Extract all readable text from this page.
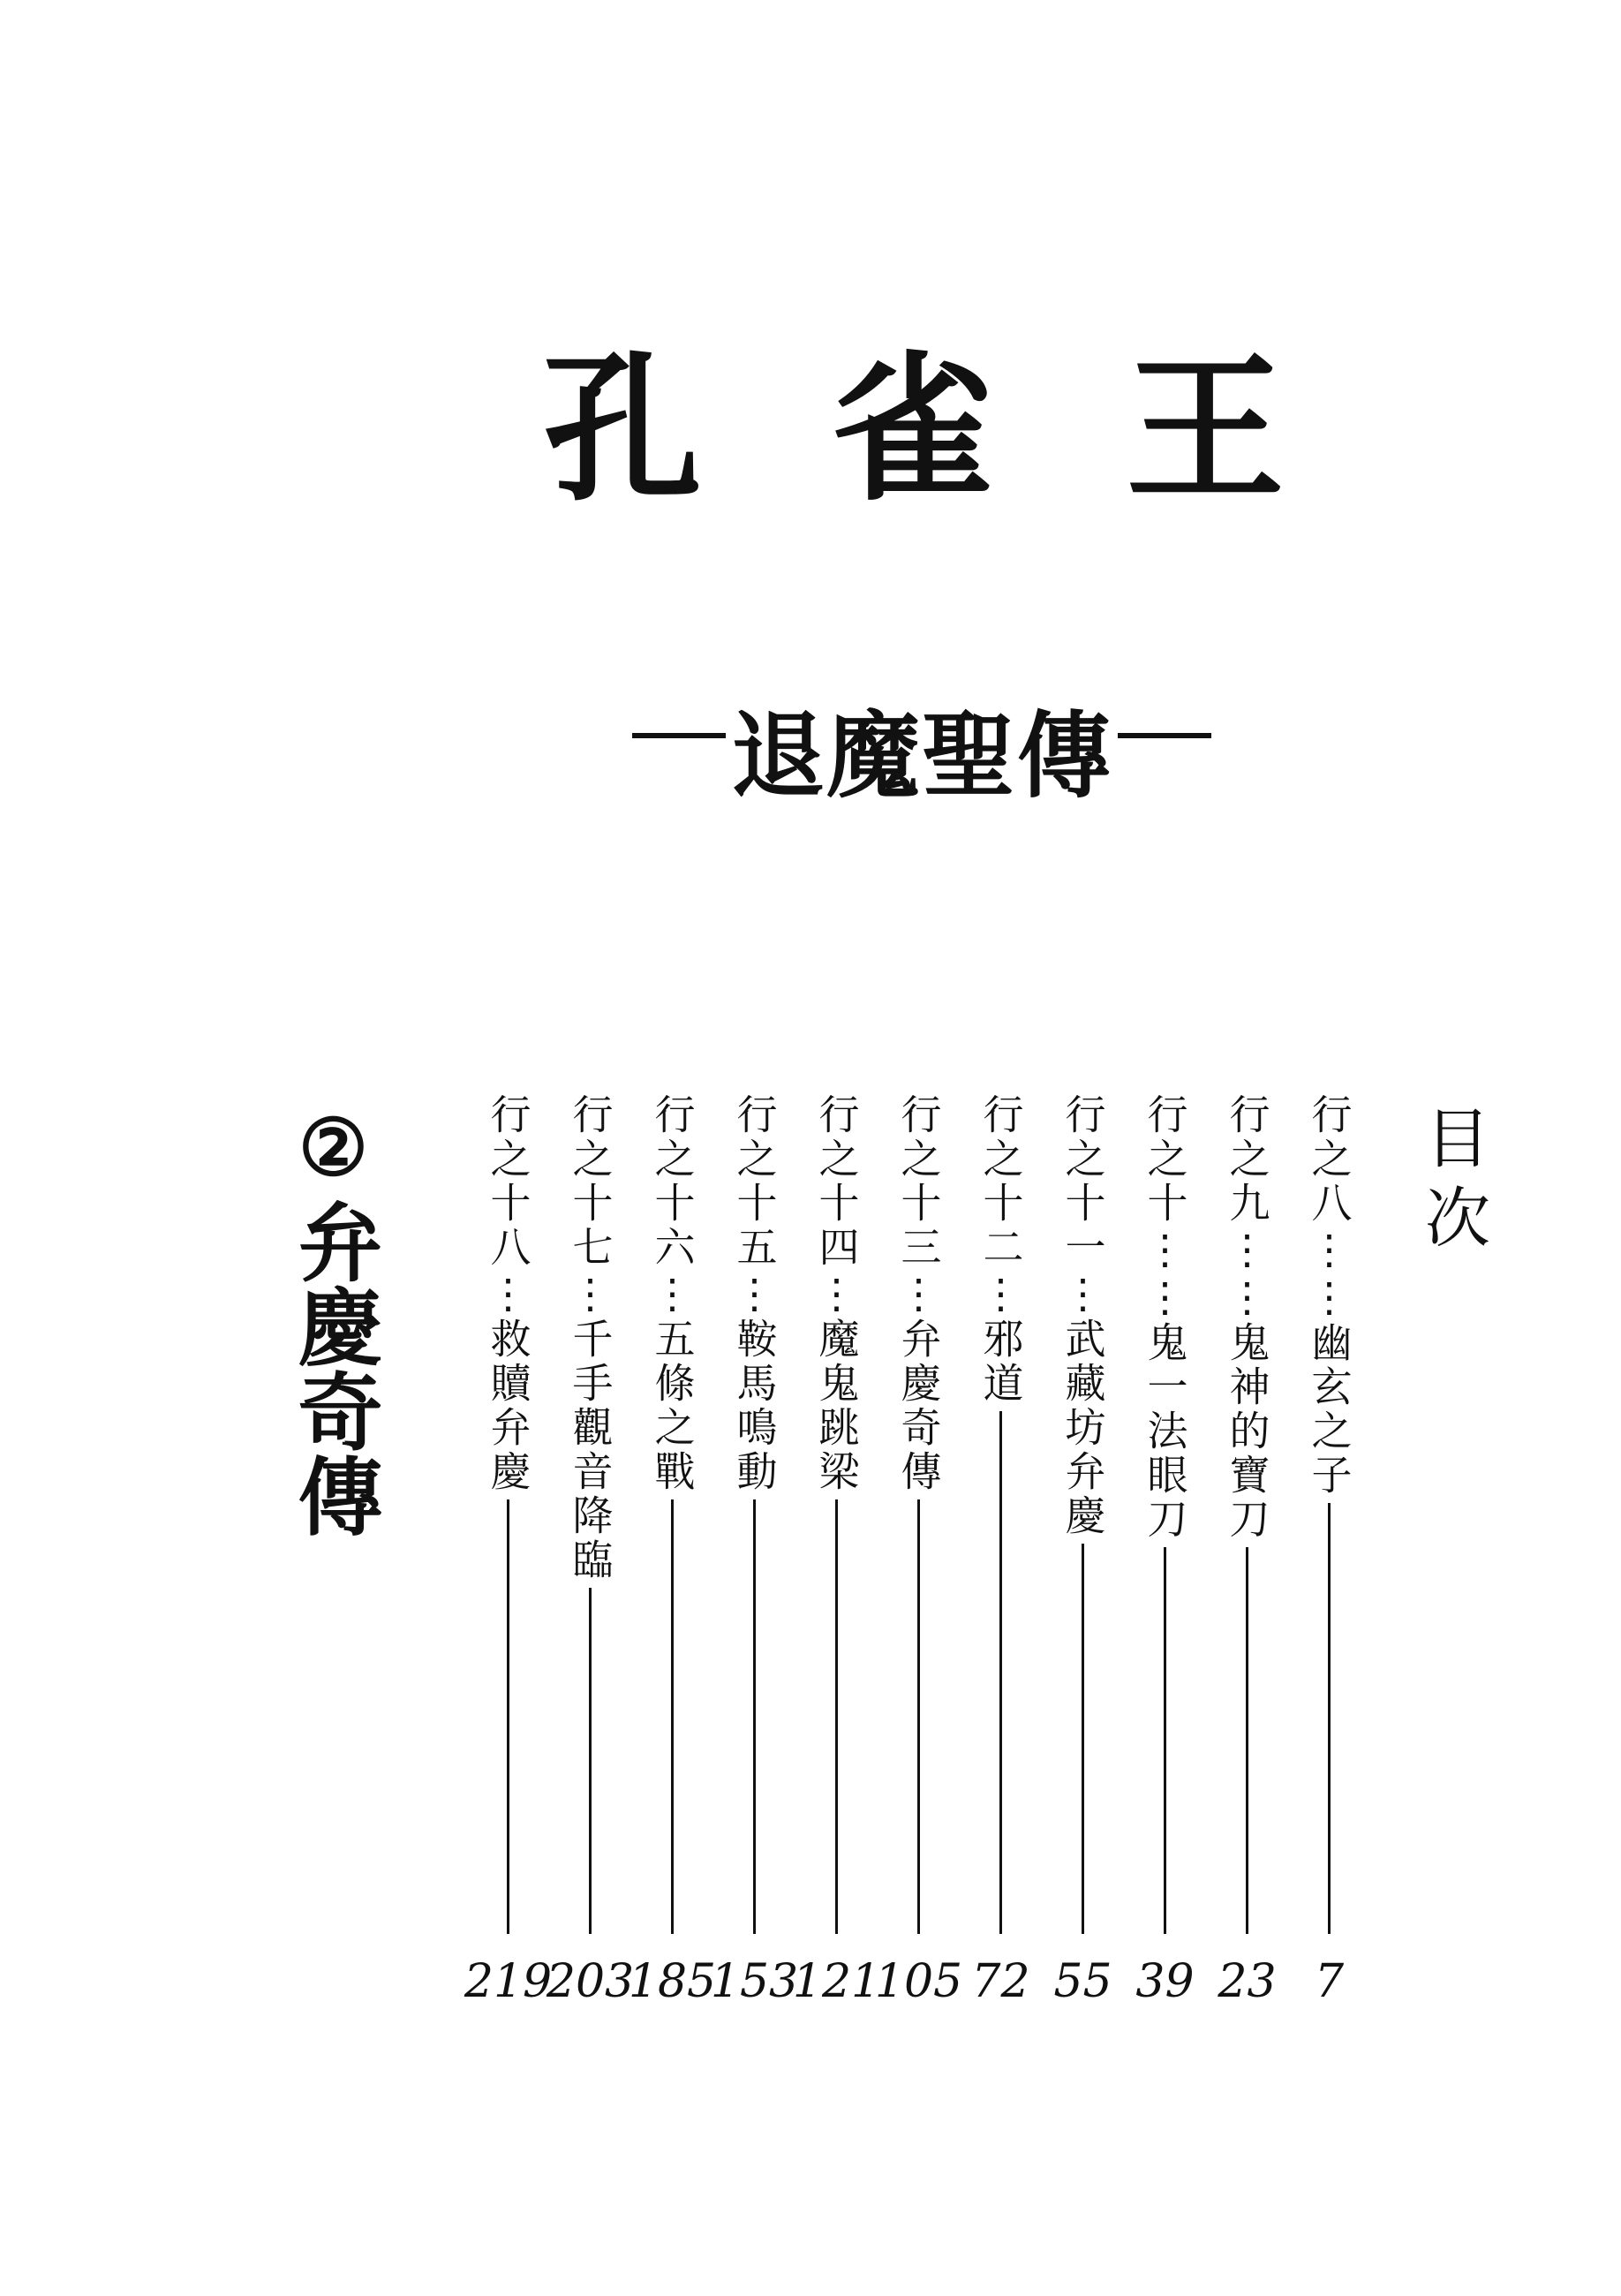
孔 雀 王
退魔聖傳
目次
行之八⋮⋮幽玄之子
7
行之九⋮⋮鬼神的寶刀
23
行之十⋮⋮鬼一法眼刀
39
行之十一⋮武藏坊弁慶
55
行之十二⋮邪道
72
行之十三⋮弁慶奇傳
105
行之十四⋮魔鬼跳梁
121
行之十五⋮鞍馬鳴動
153
行之十六⋮五條之戰
185
行之十七⋮千手觀音降臨
203
行之十八⋮救贖弁慶
219
②弁慶奇傳
